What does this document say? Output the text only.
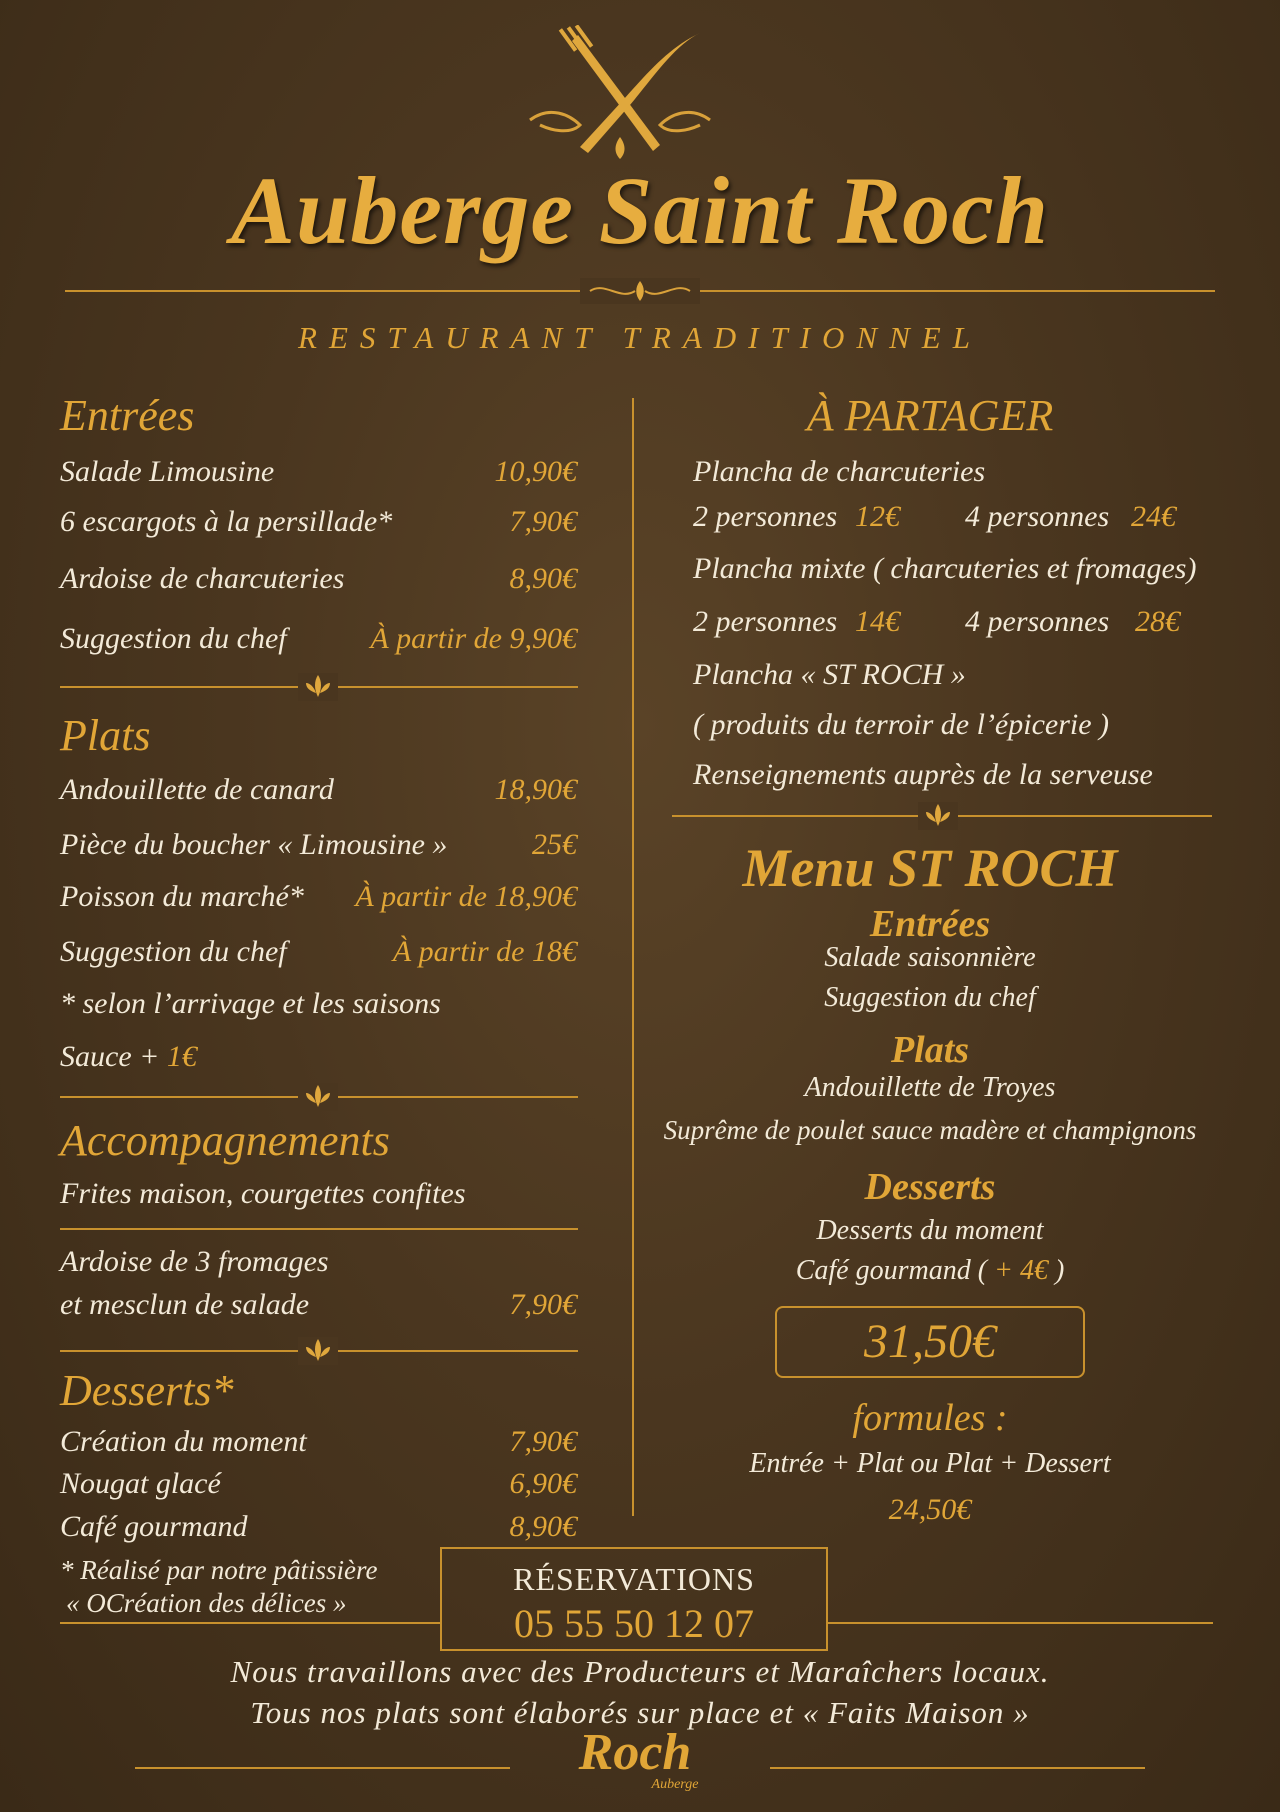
Auberge Saint Roch
RESTAURANT TRADITIONNEL
Entrées
Salade Limousine	10,90€
6 escargots à la persillade*	7,90€
Ardoise de charcuteries	8,90€
Suggestion du chef	À partir de 9,90€
Plats
Andouillette de canard	18,90€
Pièce du boucher « Limousine »	25€
Poisson du marché* À partir de 18,90€
Suggestion du chef	À partir de 18€
* selon l’arrivage et les saisons
Sauce + 1€
Accompagnements
Frites maison, courgettes confites
Ardoise de 3 fromages
et mesclun de salade	7,90€
Desserts*
Création du moment	7,90€
Nougat glacé	6,90€
Café gourmand	8,90€
* Réalisé par notre pâtissière
« OCréation des délices »
À PARTAGER
Plancha de charcuteries
2 personnes 12€ 4 personnes 24€
Plancha mixte ( charcuteries et fromages)
2 personnes 14€ 4 personnes 28€
Plancha « ST ROCH »
( produits du terroir de l’épicerie )
Renseignements auprès de la serveuse
Menu ST ROCH
Entrées
Salade saisonnière
Suggestion du chef
Plats
Andouillette de Troyes
Suprême de poulet sauce madère et champignons
Desserts
Desserts du moment
Café gourmand ( + 4€ )
31,50€
formules :
Entrée + Plat ou Plat + Dessert
24,50€
RÉSERVATIONS
05 55 50 12 07
Nous travaillons avec des Producteurs et Maraîchers locaux.
Tous nos plats sont élaborés sur place et « Faits Maison »
Roch
Auberge
